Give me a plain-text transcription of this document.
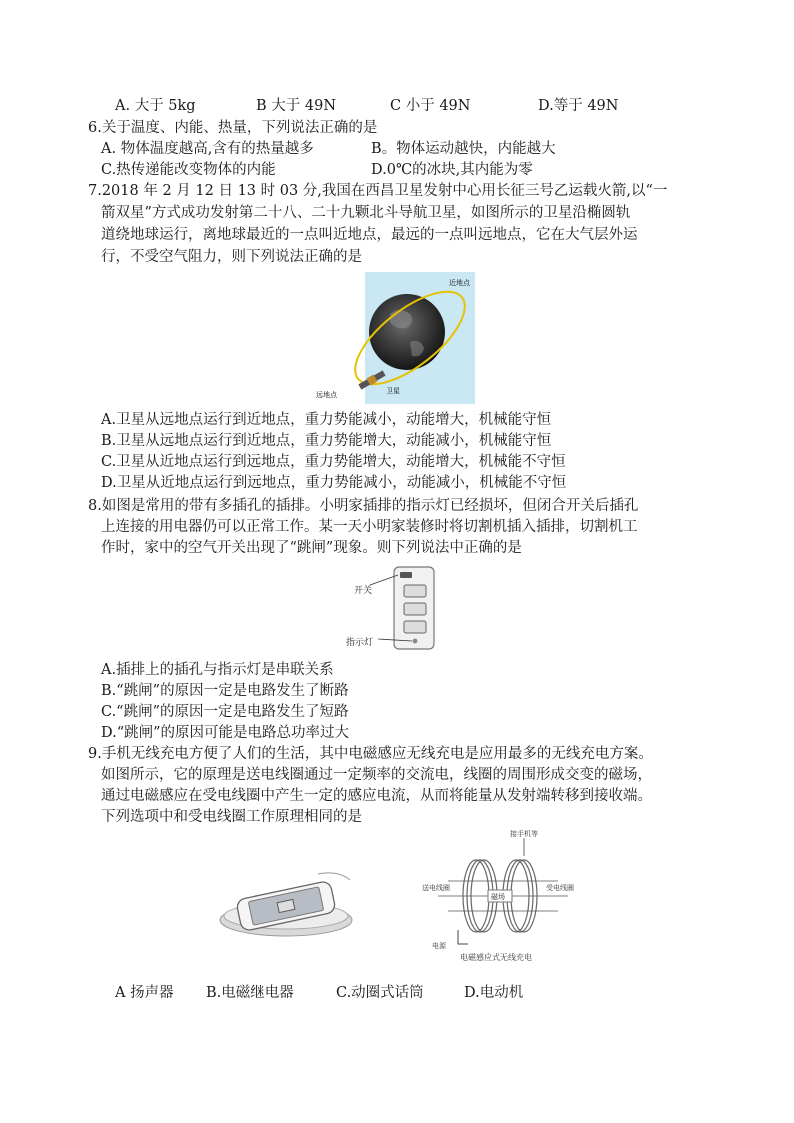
A. 大于 5kg	B 大于 49N	C 小于 49N	D.等于 49N
6.关于温度、内能、热量，下列说法正确的是
A. 物体温度越高,含有的热量越多	B。物体运动越快，内能越大
C.热传递能改变物体的内能	D.0℃的冰块,其内能为零
7.2018 年 2 月 12 日 13 时 03 分,我国在西昌卫星发射中心用长征三号乙运载火箭,以“一
箭双星”方式成功发射第二十八、二十九颗北斗导航卫星，如图所示的卫星沿椭圆轨
道绕地球运行，离地球最近的一点叫近地点，最远的一点叫远地点，它在大气层外运
行，不受空气阻力，则下列说法正确的是
近地点
远地点	卫星
A.卫星从远地点运行到近地点，重力势能减小，动能增大，机械能守恒
B.卫星从远地点运行到近地点，重力势能增大，动能减小，机械能守恒
C.卫星从近地点运行到远地点，重力势能增大，动能增大，机械能不守恒
D.卫星从近地点运行到远地点，重力势能减小，动能减小，机械能不守恒
8.如图是常用的带有多插孔的插排。小明家插排的指示灯已经损坏，但闭合开关后插孔
上连接的用电器仍可以正常工作。某一天小明家装修时将切割机插入插排，切割机工
作时，家中的空气开关出现了“跳闸”现象。则下列说法中正确的是
开关
指示灯
A.插排上的插孔与指示灯是串联关系
B.“跳闸”的原因一定是电路发生了断路
C.“跳闸”的原因一定是电路发生了短路
D.“跳闸”的原因可能是电路总功率过大
9.手机无线充电方便了人们的生活，其中电磁感应无线充电是应用最多的无线充电方案。
如图所示，它的原理是送电线圈通过一定频率的交流电，线圈的周围形成交变的磁场，
通过电磁感应在受电线圈中产生一定的感应电流，从而将能量从发射端转移到接收端。
下列选项中和受电线圈工作原理相同的是
接手机等
磁场
送电线圈	受电线圈
电源
电磁感应式无线充电
A 扬声器 B.电磁继电器	C.动圈式话筒	D.电动机
